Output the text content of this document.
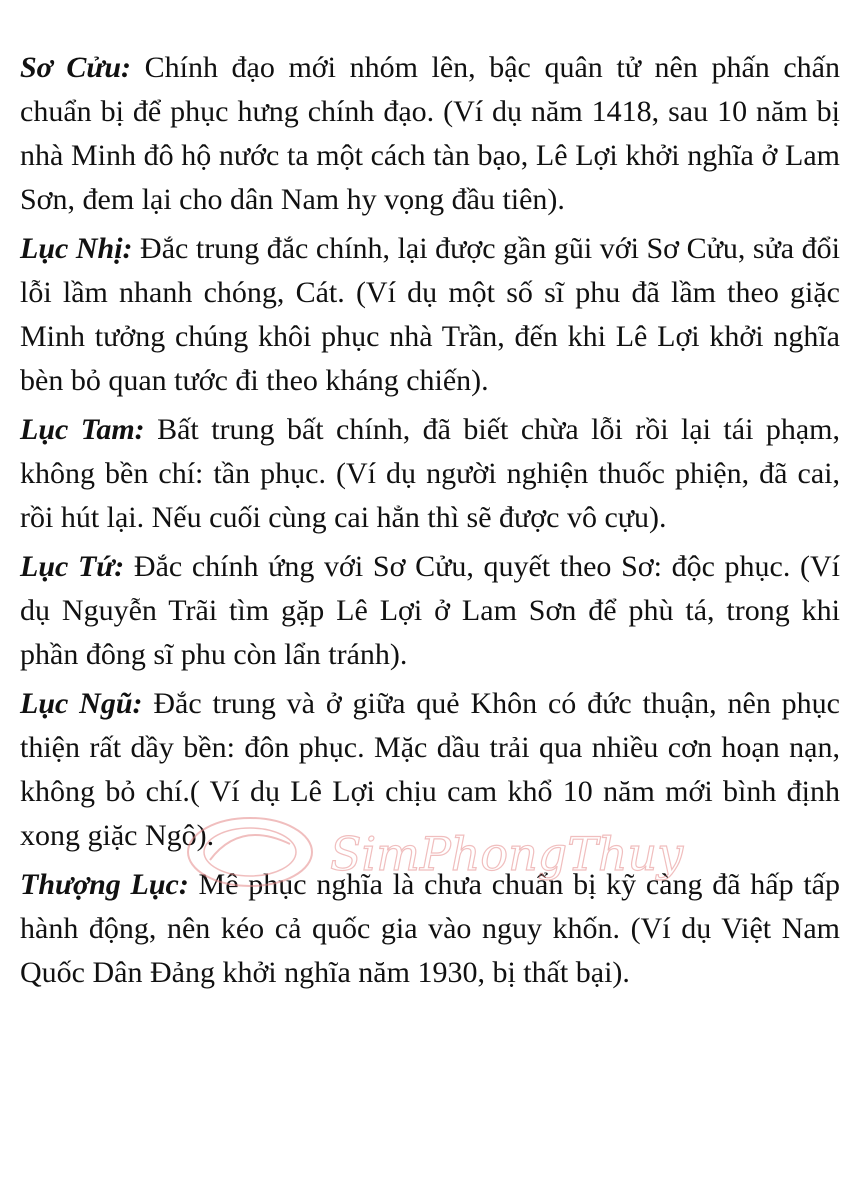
Sơ Cửu: Chính đạo mới nhóm lên, bậc quân tử nên phấn chấn chuẩn bị để phục hưng chính đạo. (Ví dụ năm 1418, sau 10 năm bị nhà Minh đô hộ nước ta một cách tàn bạo, Lê Lợi khởi nghĩa ở Lam Sơn, đem lại cho dân Nam hy vọng đầu tiên).

Lục Nhị: Đắc trung đắc chính, lại được gần gũi với Sơ Cửu, sửa đổi lỗi lầm nhanh chóng, Cát. (Ví dụ một số sĩ phu đã lầm theo giặc Minh tưởng chúng khôi phục nhà Trần, đến khi Lê Lợi khởi nghĩa bèn bỏ quan tước đi theo kháng chiến).

Lục Tam: Bất trung bất chính, đã biết chừa lỗi rồi lại tái phạm, không bền chí: tần phục. (Ví dụ người nghiện thuốc phiện, đã cai, rồi hút lại. Nếu cuối cùng cai hẳn thì sẽ được vô cựu).

Lục Tứ: Đắc chính ứng với Sơ Cửu, quyết theo Sơ: độc phục. (Ví dụ Nguyễn Trãi tìm gặp Lê Lợi ở Lam Sơn để phù tá, trong khi phần đông sĩ phu còn lẩn tránh).

Lục Ngũ: Đắc trung và ở giữa quẻ Khôn có đức thuận, nên phục thiện rất dầy bền: đôn phục. Mặc dầu trải qua nhiều cơn hoạn nạn, không bỏ chí.( Ví dụ Lê Lợi chịu cam khổ 10 năm mới bình định xong giặc Ngô).

Thượng Lục: Mê phục nghĩa là chưa chuẩn bị kỹ càng đã hấp tấp hành động, nên kéo cả quốc gia vào nguy khốn. (Ví dụ Việt Nam Quốc Dân Đảng khởi nghĩa năm 1930, bị thất bại).

SimPhongThuy
